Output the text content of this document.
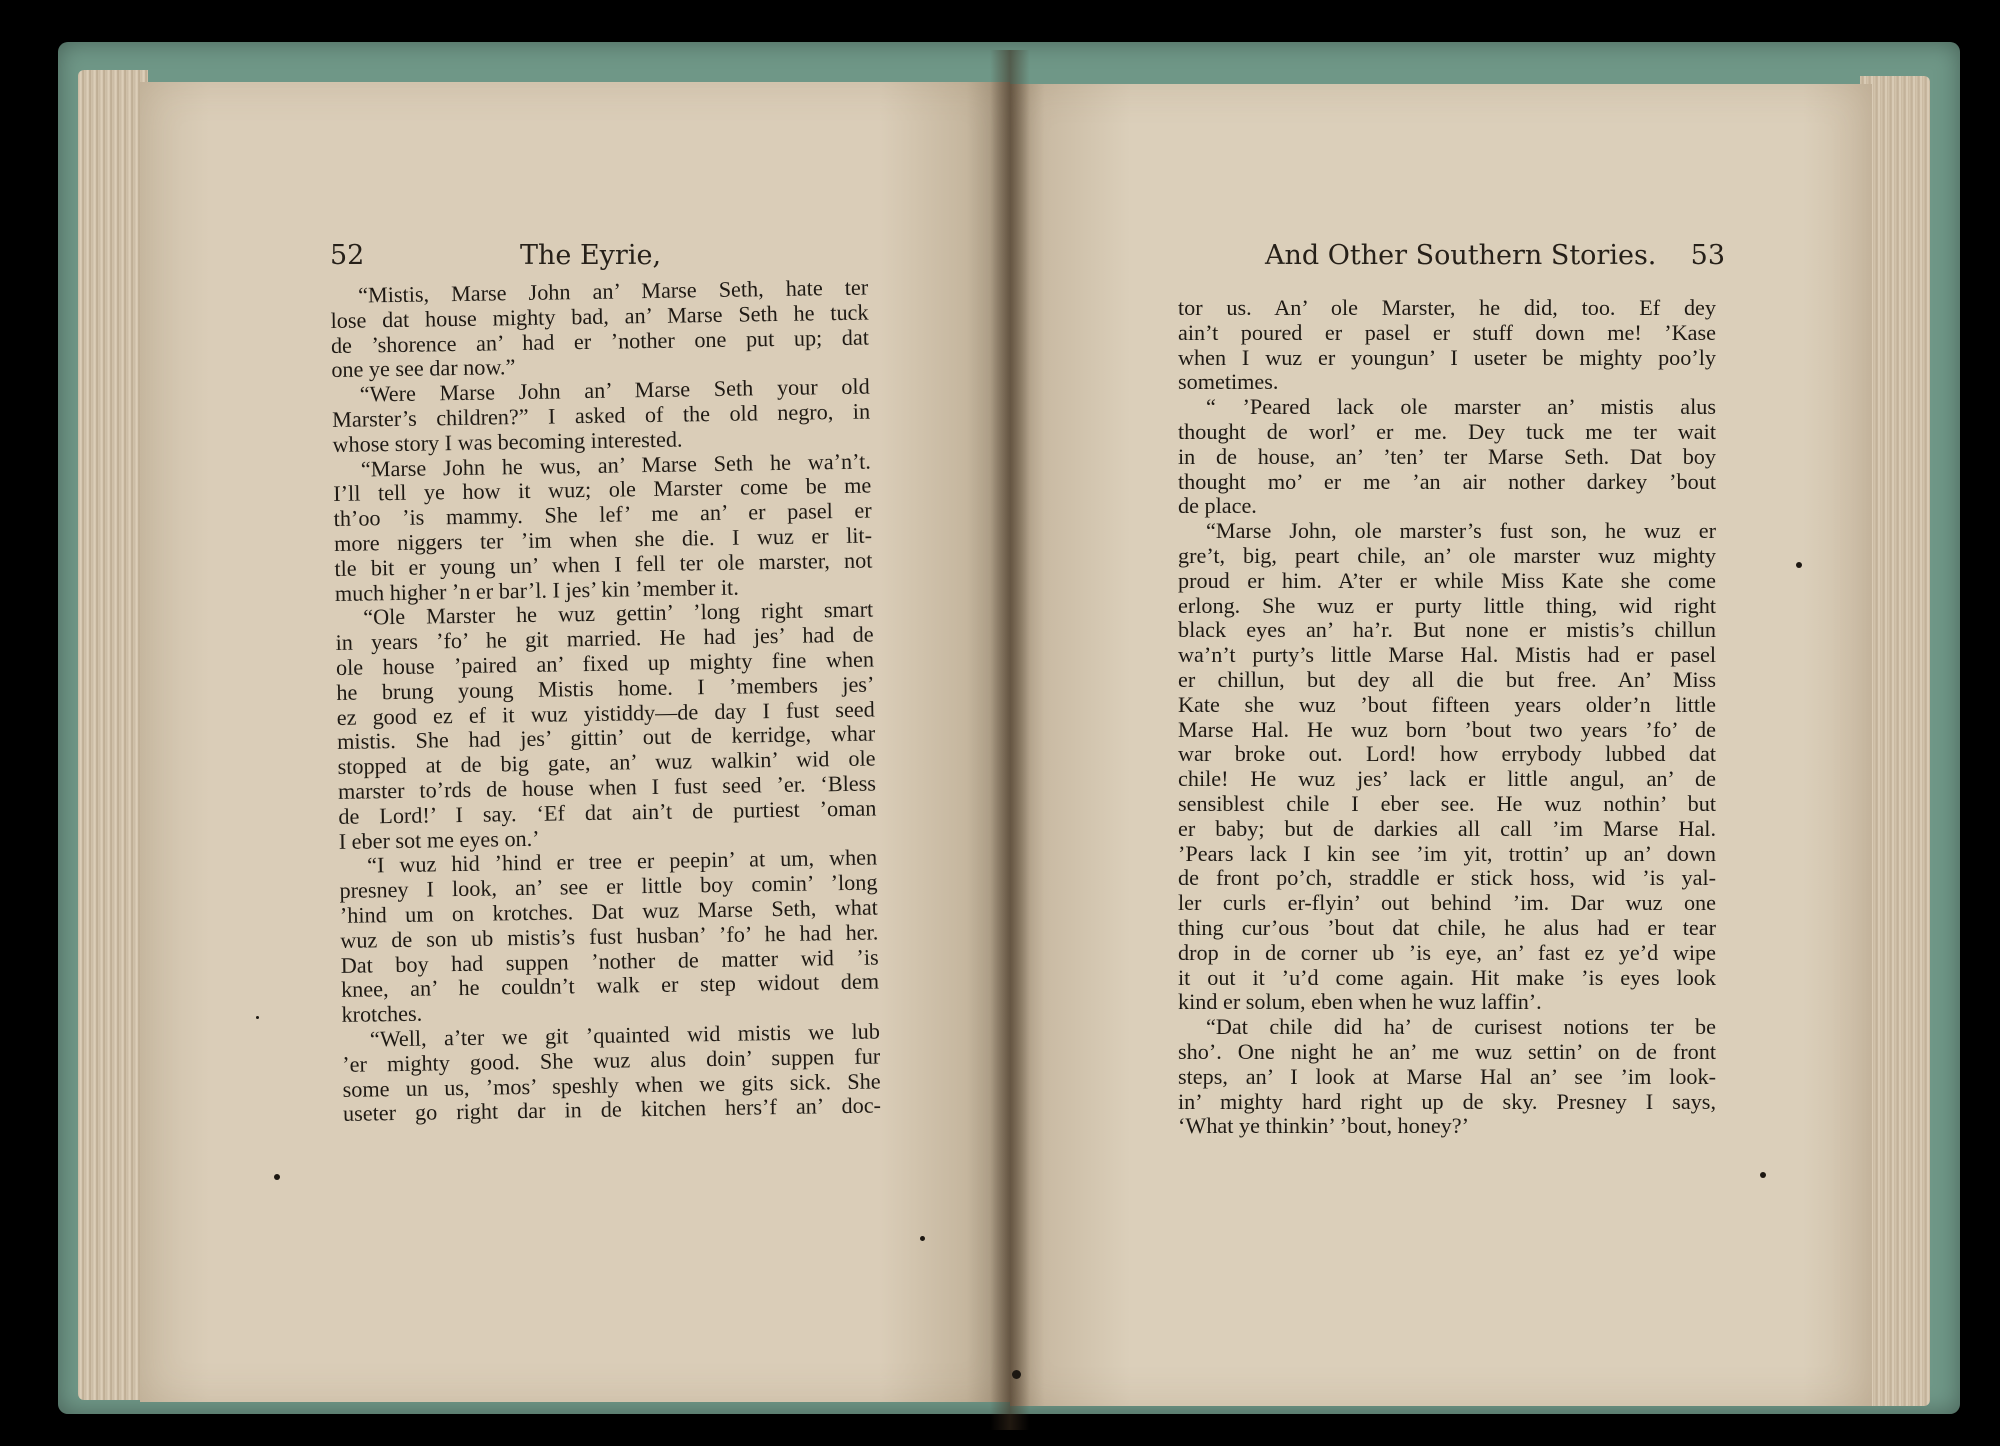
52	The Eyrie,	And Other Southern Stories. 53
“Mistis, Marse John an’ Marse Seth, hate ter
lose dat house mighty bad, an’ Marse Seth he tuck
de ’shorence an’ had er ’nother one put up; dat
one ye see dar now.”
“Were Marse John an’ Marse Seth your old
Marster’s children?” I asked of the old negro, in
whose story I was becoming interested.
“Marse John he wus, an’ Marse Seth he wa’n’t.
I’ll tell ye how it wuz; ole Marster come be me
th’oo ’is mammy. She lef’ me an’ er pasel er
more niggers ter ’im when she die. I wuz er lit-
tle bit er young un’ when I fell ter ole marster, not
much higher ’n er bar’l. I jes’ kin ’member it.
“Ole Marster he wuz gettin’ ’long right smart
in years ’fo’ he git married. He had jes’ had de
ole house ’paired an’ fixed up mighty fine when
he brung young Mistis home. I ’members jes’
ez good ez ef it wuz yistiddy—de day I fust seed
mistis. She had jes’ gittin’ out de kerridge, whar
stopped at de big gate, an’ wuz walkin’ wid ole
marster to’rds de house when I fust seed ’er. ‘Bless
de Lord!’ I say. ‘Ef dat ain’t de purtiest ’oman
I eber sot me eyes on.’
“I wuz hid ’hind er tree er peepin’ at um, when
presney I look, an’ see er little boy comin’ ’long
’hind um on krotches. Dat wuz Marse Seth, what
wuz de son ub mistis’s fust husban’ ’fo’ he had her.
Dat boy had suppen ’nother de matter wid ’is
knee, an’ he couldn’t walk er step widout dem
krotches.
“Well, a’ter we git ’quainted wid mistis we lub
’er mighty good. She wuz alus doin’ suppen fur
some un us, ’mos’ speshly when we gits sick. She
useter go right dar in de kitchen hers’f an’ doc-
tor us. An’ ole Marster, he did, too. Ef dey
ain’t poured er pasel er stuff down me! ’Kase
when I wuz er youngun’ I useter be mighty poo’ly
sometimes.
“ ’Peared lack ole marster an’ mistis alus
thought de worl’ er me. Dey tuck me ter wait
in de house, an’ ’ten’ ter Marse Seth. Dat boy
thought mo’ er me ’an air nother darkey ’bout
de place.
“Marse John, ole marster’s fust son, he wuz er
gre’t, big, peart chile, an’ ole marster wuz mighty
proud er him. A’ter er while Miss Kate she come
erlong. She wuz er purty little thing, wid right
black eyes an’ ha’r. But none er mistis’s chillun
wa’n’t purty’s little Marse Hal. Mistis had er pasel
er chillun, but dey all die but free. An’ Miss
Kate she wuz ’bout fifteen years older’n little
Marse Hal. He wuz born ’bout two years ’fo’ de
war broke out. Lord! how errybody lubbed dat
chile! He wuz jes’ lack er little angul, an’ de
sensiblest chile I eber see. He wuz nothin’ but
er baby; but de darkies all call ’im Marse Hal.
’Pears lack I kin see ’im yit, trottin’ up an’ down
de front po’ch, straddle er stick hoss, wid ’is yal-
ler curls er-flyin’ out behind ’im. Dar wuz one
thing cur’ous ’bout dat chile, he alus had er tear
drop in de corner ub ’is eye, an’ fast ez ye’d wipe
it out it ’u’d come again. Hit make ’is eyes look
kind er solum, eben when he wuz laffin’.
“Dat chile did ha’ de curisest notions ter be
sho’. One night he an’ me wuz settin’ on de front
steps, an’ I look at Marse Hal an’ see ’im look-
in’ mighty hard right up de sky. Presney I says,
‘What ye thinkin’ ’bout, honey?’
